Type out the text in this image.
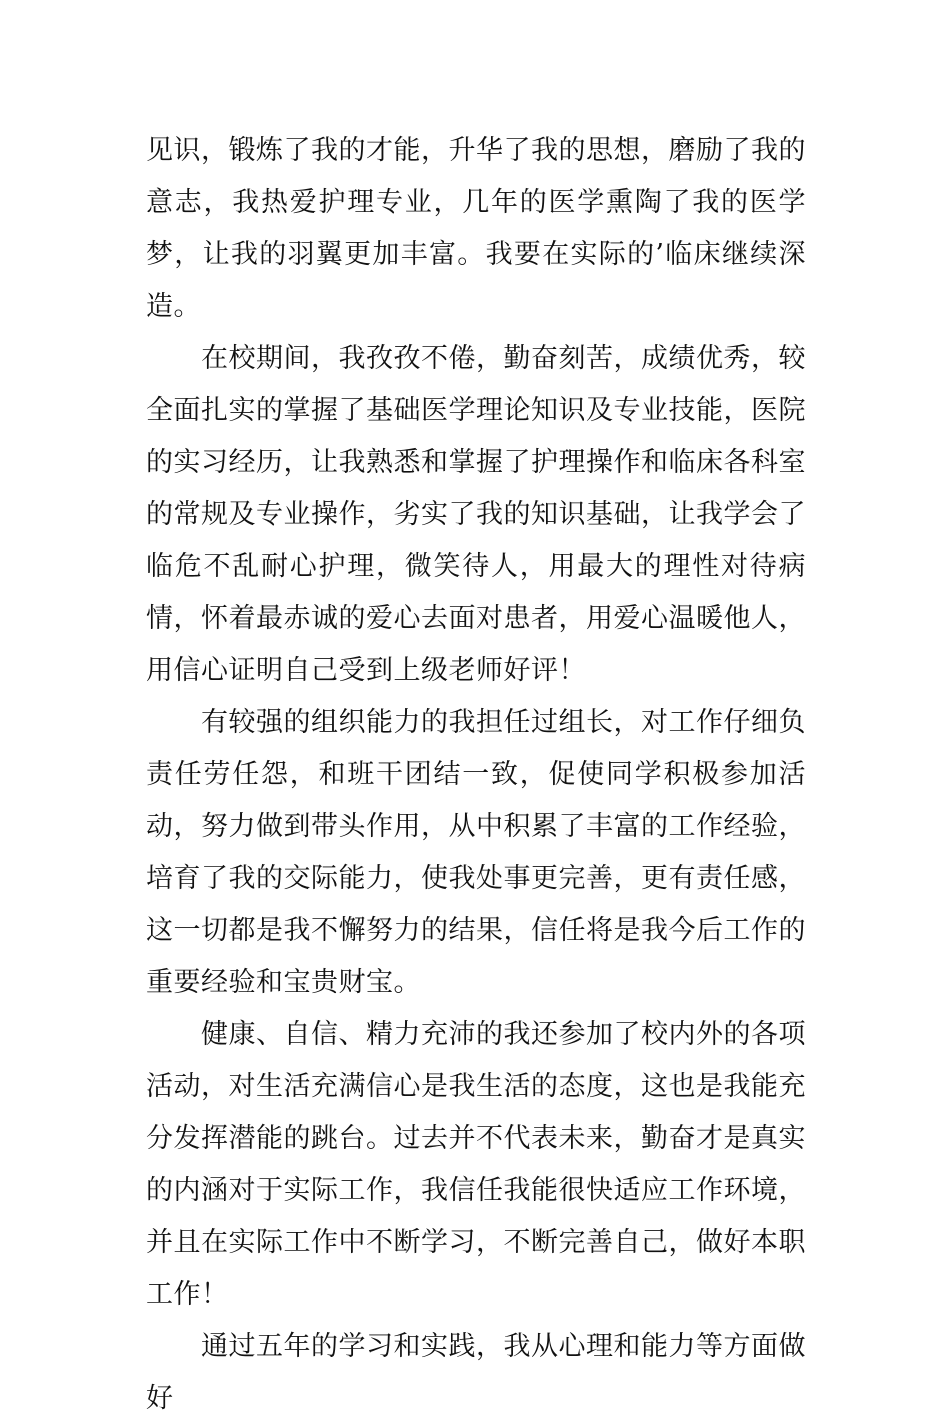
见识，锻炼了我的才能，升华了我的思想，磨励了我的意志，我热爱护理专业，几年的医学熏陶了我的医学梦，让我的羽翼更加丰富。我要在实际的’临床继续深造。

在校期间，我孜孜不倦，勤奋刻苦，成绩优秀，较全面扎实的掌握了基础医学理论知识及专业技能，医院的实习经历，让我熟悉和掌握了护理操作和临床各科室的常规及专业操作，劣实了我的知识基础，让我学会了临危不乱耐心护理，微笑待人，用最大的理性对待病情，怀着最赤诚的爱心去面对患者，用爱心温暖他人，用信心证明自己受到上级老师好评！

有较强的组织能力的我担任过组长，对工作仔细负责任劳任怨，和班干团结一致，促使同学积极参加活动，努力做到带头作用，从中积累了丰富的工作经验，培育了我的交际能力，使我处事更完善，更有责任感，这一切都是我不懈努力的结果，信任将是我今后工作的重要经验和宝贵财宝。

健康、自信、精力充沛的我还参加了校内外的各项活动，对生活充满信心是我生活的态度，这也是我能充分发挥潜能的跳台。过去并不代表未来，勤奋才是真实的内涵对于实际工作，我信任我能很快适应工作环境，并且在实际工作中不断学习，不断完善自己，做好本职工作！

通过五年的学习和实践，我从心理和能力等方面做好
